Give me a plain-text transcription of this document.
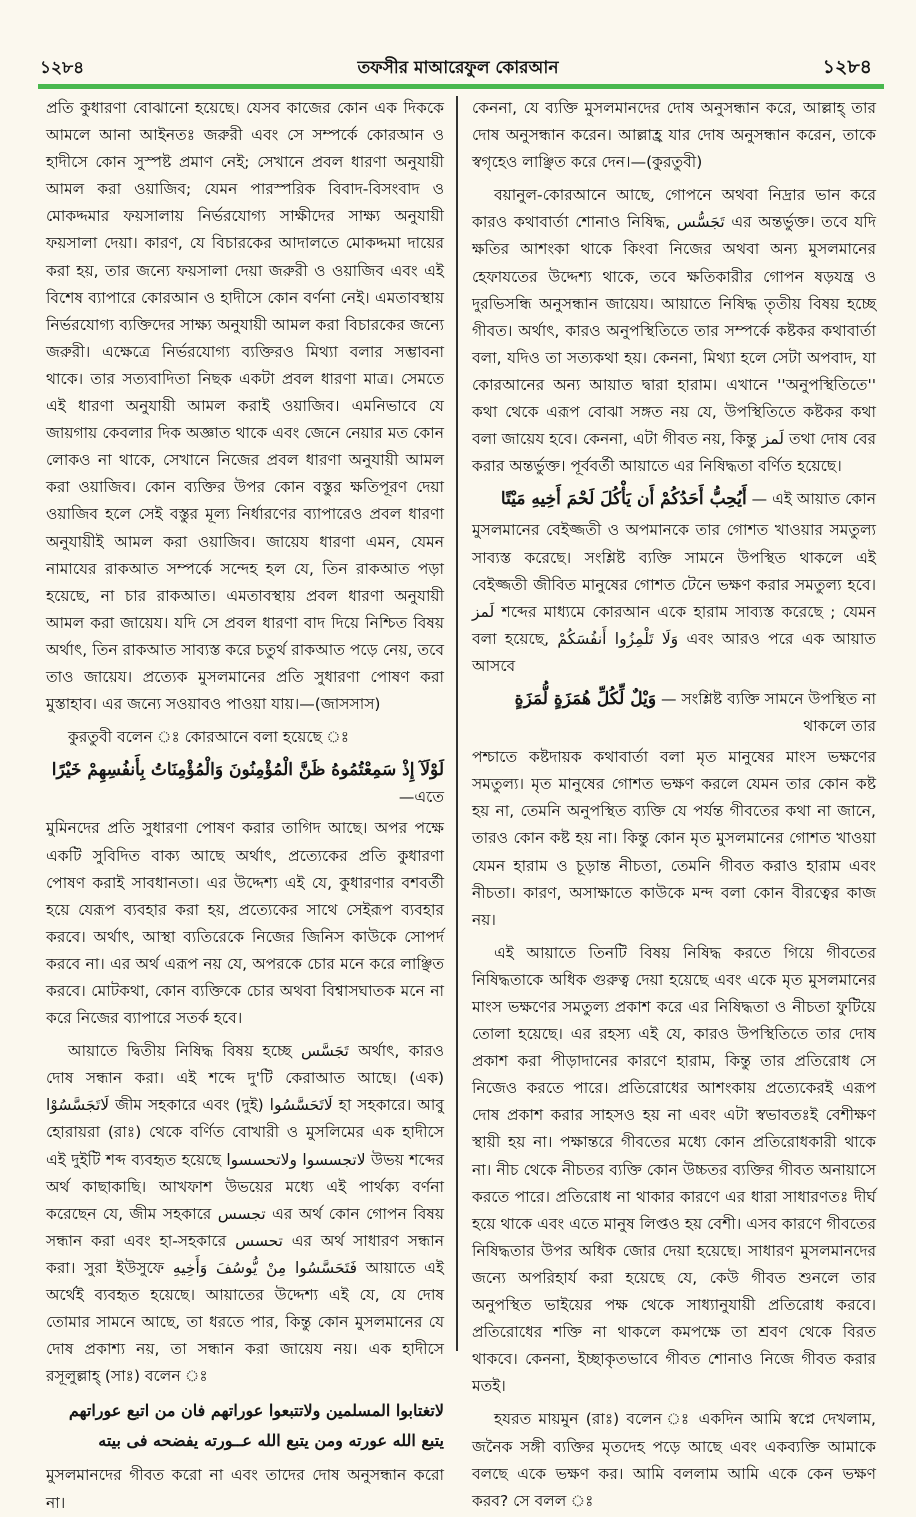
১২৮৪	তফসীর মাআরেফুল কোরআন	১২৮৪

প্রতি কুধারণা বোঝানো হয়েছে। যেসব কাজের কোন এক দিককে আমলে আনা আইনতঃ জরুরী এবং সে সম্পর্কে কোরআন ও হাদীসে কোন সুস্পষ্ট প্রমাণ নেই; সেখানে প্রবল ধারণা অনুযায়ী আমল করা ওয়াজিব; যেমন পারস্পরিক বিবাদ-বিসংবাদ ও মোকদ্দমার ফয়সালায় নির্ভরযোগ্য সাক্ষীদের সাক্ষ্য অনুযায়ী ফয়সালা দেয়া। কারণ, যে বিচারকের আদালতে মোকদ্দমা দায়ের করা হয়, তার জন্যে ফয়সালা দেয়া জরুরী ও ওয়াজিব এবং এই বিশেষ ব্যাপারে কোরআন ও হাদীসে কোন বর্ণনা নেই। এমতাবস্থায় নির্ভরযোগ্য ব্যক্তিদের সাক্ষ্য অনুযায়ী আমল করা বিচারকের জন্যে জরুরী। এক্ষেত্রে নির্ভরযোগ্য ব্যক্তিরও মিথ্যা বলার সম্ভাবনা থাকে। তার সত্যবাদিতা নিছক একটা প্রবল ধারণা মাত্র। সেমতে এই ধারণা অনুযায়ী আমল করাই ওয়াজিব। এমনিভাবে যে জায়গায় কেবলার দিক অজ্ঞাত থাকে এবং জেনে নেয়ার মত কোন লোকও না থাকে, সেখানে নিজের প্রবল ধারণা অনুযায়ী আমল করা ওয়াজিব। কোন ব্যক্তির উপর কোন বস্তুর ক্ষতিপূরণ দেয়া ওয়াজিব হলে সেই বস্তুর মূল্য নির্ধারণের ব্যাপারেও প্রবল ধারণা অনুযায়ীই আমল করা ওয়াজিব। জায়েয ধারণা এমন, যেমন নামাযের রাকআত সম্পর্কে সন্দেহ হল যে, তিন রাকআত পড়া হয়েছে, না চার রাকআত। এমতাবস্থায় প্রবল ধারণা অনুযায়ী আমল করা জায়েয। যদি সে প্রবল ধারণা বাদ দিয়ে নিশ্চিত বিষয় অর্থাৎ, তিন রাকআত সাব্যস্ত করে চতুর্থ রাকআত পড়ে নেয়, তবে তাও জায়েয। প্রত্যেক মুসলমানের প্রতি সুধারণা পোষণ করা মুস্তাহাব। এর জন্যে সওয়াবও পাওয়া যায়।—(জাসসাস)

কুরতুবী বলেন ঃ কোরআনে বলা হয়েছে ঃ

لَوْلَآ إِذْ سَمِعْتُمُوهُ ظَنَّ الْمُؤْمِنُونَ وَالْمُؤْمِنَاتُ بِأَنفُسِهِمْ خَيْرًا —এতে

মুমিনদের প্রতি সুধারণা পোষণ করার তাগিদ আছে। অপর পক্ষে একটি সুবিদিত বাক্য আছে অর্থাৎ, প্রত্যেকের প্রতি কুধারণা পোষণ করাই সাবধানতা। এর উদ্দেশ্য এই যে, কুধারণার বশবর্তী হয়ে যেরূপ ব্যবহার করা হয়, প্রত্যেকের সাথে সেইরূপ ব্যবহার করবে। অর্থাৎ, আস্থা ব্যতিরেকে নিজের জিনিস কাউকে সোপর্দ করবে না। এর অর্থ এরূপ নয় যে, অপরকে চোর মনে করে লাঞ্ছিত করবে। মোটকথা, কোন ব্যক্তিকে চোর অথবা বিশ্বাসঘাতক মনে না করে নিজের ব্যাপারে সতর্ক হবে।

আয়াতে দ্বিতীয় নিষিদ্ধ বিষয় হচ্ছে تَجَسَّس অর্থাৎ, কারও দোষ সন্ধান করা। এই শব্দে দু'টি কেরাআত আছে। (এক) لَاتَجَسَّسُوْا জীম সহকারে এবং (দুই) لَاتَحَسَّسُوا হা সহকারে। আবু হোরায়রা (রাঃ) থেকে বর্ণিত বোখারী ও মুসলিমের এক হাদীসে এই দুইটি শব্দ ব্যবহৃত হয়েছে لاتجسسوا ولاتحسسوا উভয় শব্দের অর্থ কাছাকাছি। আখফাশ উভয়ের মধ্যে এই পার্থক্য বর্ণনা করেছেন যে, জীম সহকারে تجسس এর অর্থ কোন গোপন বিষয় সন্ধান করা এবং হা-সহকারে تحسس এর অর্থ সাধারণ সন্ধান করা। সুরা ইউসুফে فَتَحَسَّسُوا مِنْ يُّوسُفَ وَأَخِيهِ আয়াতে এই অর্থেই ব্যবহৃত হয়েছে। আয়াতের উদ্দেশ্য এই যে, যে দোষ তোমার সামনে আছে, তা ধরতে পার, কিন্তু কোন মুসলমানের যে দোষ প্রকাশ্য নয়, তা সন্ধান করা জায়েয নয়। এক হাদীসে রসূলুল্লাহ্ (সাঃ) বলেন ঃ

لاتغتابوا المسلمين ولاتتبعوا عوراتهم فان من اتبع عوراتهم
يتبع الله عورته ومن يتبع الله عــورته يفضحه فى بيته

মুসলমানদের গীবত করো না এবং তাদের দোষ অনুসন্ধান করো না।

কেননা, যে ব্যক্তি মুসলমানদের দোষ অনুসন্ধান করে, আল্লাহ্ তার দোষ অনুসন্ধান করেন। আল্লাহ্র যার দোষ অনুসন্ধান করেন, তাকে স্বগৃহেও লাঞ্ছিত করে দেন।—(কুরতুবী)

বয়ানুল-কোরআনে আছে, গোপনে অথবা নিদ্রার ভান করে কারও কথাবার্তা শোনাও নিষিদ্ধ, تَجَسُّس এর অন্তর্ভুক্ত। তবে যদি ক্ষতির আশংকা থাকে কিংবা নিজের অথবা অন্য মুসলমানের হেফাযতের উদ্দেশ্য থাকে, তবে ক্ষতিকারীর গোপন ষড়যন্ত্র ও দুরভিসন্ধি অনুসন্ধান জায়েয। আয়াতে নিষিদ্ধ তৃতীয় বিষয় হচ্ছে গীবত। অর্থাৎ, কারও অনুপস্থিতিতে তার সম্পর্কে কষ্টকর কথাবার্তা বলা, যদিও তা সত্যকথা হয়। কেননা, মিথ্যা হলে সেটা অপবাদ, যা কোরআনের অন্য আয়াত দ্বারা হারাম। এখানে ''অনুপস্থিতিতে'' কথা থেকে এরূপ বোঝা সঙ্গত নয় যে, উপস্থিতিতে কষ্টকর কথা বলা জায়েয হবে। কেননা, এটা গীবত নয়, কিন্তু لَمز তথা দোষ বের করার অন্তর্ভুক্ত। পূর্ববর্তী আয়াতে এর নিষিদ্ধতা বর্ণিত হয়েছে।

أَيُحِبُّ أَحَدُكُمْ أَن يَأْكُلَ لَحْمَ أَخِيهِ مَيْتًا — এই আয়াত কোন

মুসলমানের বেইজ্জতী ও অপমানকে তার গোশত খাওয়ার সমতুল্য সাব্যস্ত করেছে। সংশ্লিষ্ট ব্যক্তি সামনে উপস্থিত থাকলে এই বেইজ্জতী জীবিত মানুষের গোশত টেনে ভক্ষণ করার সমতুল্য হবে। لَمز শব্দের মাধ্যমে কোরআন একে হারাম সাব্যস্ত করেছে ; যেমন বলা হয়েছে, وَلَا تَلْمِزُوا أَنفُسَكُمْ এবং আরও পরে এক আয়াত আসবে

وَيْلٌ لِّكُلِّ هُمَزَةٍ لُّمَزَةٍ — সংশ্লিষ্ট ব্যক্তি সামনে উপস্থিত না থাকলে তার

পশ্চাতে কষ্টদায়ক কথাবার্তা বলা মৃত মানুষের মাংস ভক্ষণের সমতুল্য। মৃত মানুষের গোশত ভক্ষণ করলে যেমন তার কোন কষ্ট হয় না, তেমনি অনুপস্থিত ব্যক্তি যে পর্যন্ত গীবতের কথা না জানে, তারও কোন কষ্ট হয় না। কিন্তু কোন মৃত মুসলমানের গোশত খাওয়া যেমন হারাম ও চূড়ান্ত নীচতা, তেমনি গীবত করাও হারাম এবং নীচতা। কারণ, অসাক্ষাতে কাউকে মন্দ বলা কোন বীরত্বের কাজ নয়।

এই আয়াতে তিনটি বিষয় নিষিদ্ধ করতে গিয়ে গীবতের নিষিদ্ধতাকে অধিক গুরুত্ব দেয়া হয়েছে এবং একে মৃত মুসলমানের মাংস ভক্ষণের সমতুল্য প্রকাশ করে এর নিষিদ্ধতা ও নীচতা ফুটিয়ে তোলা হয়েছে। এর রহস্য এই যে, কারও উপস্থিতিতে তার দোষ প্রকাশ করা পীড়াদানের কারণে হারাম, কিন্তু তার প্রতিরোধ সে নিজেও করতে পারে। প্রতিরোধের আশংকায় প্রত্যেকেরই এরূপ দোষ প্রকাশ করার সাহসও হয় না এবং এটা স্বভাবতঃই বেশীক্ষণ স্থায়ী হয় না। পক্ষান্তরে গীবতের মধ্যে কোন প্রতিরোধকারী থাকে না। নীচ থেকে নীচতর ব্যক্তি কোন উচ্চতর ব্যক্তির গীবত অনায়াসে করতে পারে। প্রতিরোধ না থাকার কারণে এর ধারা সাধারণতঃ দীর্ঘ হয়ে থাকে এবং এতে মানুষ লিপ্তও হয় বেশী। এসব কারণে গীবতের নিষিদ্ধতার উপর অধিক জোর দেয়া হয়েছে। সাধারণ মুসলমানদের জন্যে অপরিহার্য করা হয়েছে যে, কেউ গীবত শুনলে তার অনুপস্থিত ভাইয়ের পক্ষ থেকে সাধ্যানুযায়ী প্রতিরোধ করবে। প্রতিরোধের শক্তি না থাকলে কমপক্ষে তা শ্রবণ থেকে বিরত থাকবে। কেননা, ইচ্ছাকৃতভাবে গীবত শোনাও নিজে গীবত করার মতই।

হযরত মায়মুন (রাঃ) বলেন ঃ একদিন আমি স্বপ্নে দেখলাম, জনৈক সঙ্গী ব্যক্তির মৃতদেহ পড়ে আছে এবং একব্যক্তি আমাকে বলছে একে ভক্ষণ কর। আমি বললাম আমি একে কেন ভক্ষণ করব? সে বলল ঃ
